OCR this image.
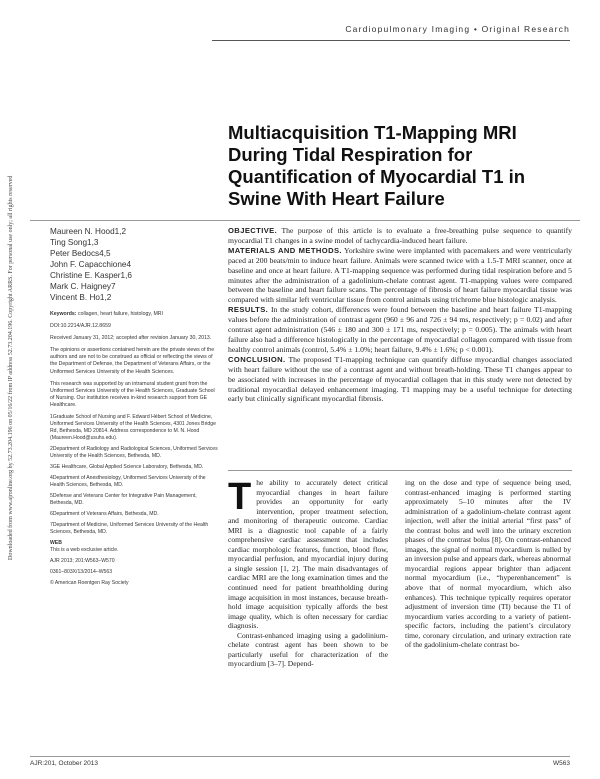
Downloaded from www.ajronline.org by 52.73.204.196 on 05/16/22 from IP address 52.73.204.196. Copyright ARRS. For personal use only; all rights reserved
Cardiopulmonary Imaging • Original Research
Multiacquisition T1-Mapping MRI During Tidal Respiration for Quantification of Myocardial T1 in Swine With Heart Failure
Maureen N. Hood1,2
Ting Song1,3
Peter Bedocs4,5
John F. Capacchione4
Christine E. Kasper1,6
Mark C. Haigney7
Vincent B. Ho1,2

Keywords: collagen, heart failure, histology, MRI

DOI:10.2214/AJR.12.8659

Received January 31, 2012; accepted after revision January 30, 2013.

The opinions or assertions contained herein are the private views of the authors and are not to be construed as official or reflecting the views of the Department of Defense, the Department of Veterans Affairs, or the Uniformed Services University of the Health Sciences.

This research was supported by an intramural student grant from the Uniformed Services University of the Health Sciences, Graduate School of Nursing. Our institution receives in-kind research support from GE Healthcare.

1Graduate School of Nursing and F. Edward Hébert School of Medicine, Uniformed Services University of the Health Sciences, 4301 Jones Bridge Rd, Bethesda, MD 20814. Address correspondence to M. N. Hood (Maureen.Hood@usuhs.edu).

2Department of Radiology and Radiological Sciences, Uniformed Services University of the Health Sciences, Bethesda, MD.

3GE Healthcare, Global Applied Science Laboratory, Bethesda, MD.

4Department of Anesthesiology, Uniformed Services University of the Health Sciences, Bethesda, MD.

5Defense and Veterans Center for Integrative Pain Management, Bethesda, MD.

6Department of Veterans Affairs, Bethesda, MD.

7Department of Medicine, Uniformed Services University of the Health Sciences, Bethesda, MD.

WEB

This is a web exclusive article.

AJR 2013; 201:W563–W570

0361–803X/13/2014–W563

© American Roentgen Ray Society

OBJECTIVE. The purpose of this article is to evaluate a free-breathing pulse sequence to quantify myocardial T1 changes in a swine model of tachycardia-induced heart failure.

MATERIALS AND METHODS. Yorkshire swine were implanted with pacemakers and were ventricularly paced at 200 beats/min to induce heart failure. Animals were scanned twice with a 1.5-T MRI scanner, once at baseline and once at heart failure. A T1-mapping sequence was performed during tidal respiration before and 5 minutes after the administration of a gadolinium-chelate contrast agent. T1-mapping values were compared between the baseline and heart failure scans. The percentage of fibrosis of heart failure myocardial tissue was compared with similar left ventricular tissue from control animals using trichrome blue histologic analysis.

RESULTS. In the study cohort, differences were found between the baseline and heart failure T1-mapping values before the administration of contrast agent (960 ± 96 and 726 ± 94 ms, respectively; p = 0.02) and after contrast agent administration (546 ± 180 and 300 ± 171 ms, respectively; p = 0.005). The animals with heart failure also had a difference histologically in the percentage of myocardial collagen compared with tissue from healthy control animals (control, 5.4% ± 1.0%; heart failure, 9.4% ± 1.6%; p < 0.001).

CONCLUSION. The proposed T1-mapping technique can quantify diffuse myocardial changes associated with heart failure without the use of a contrast agent and without breath-holding. These T1 changes appear to be associated with increases in the percentage of myocardial collagen that in this study were not detected by traditional myocardial delayed enhancement imaging. T1 mapping may be a useful technique for detecting early but clinically significant myocardial fibrosis.

The ability to accurately detect critical myocardial changes in heart failure provides an opportunity for early intervention, proper treatment selection, and monitoring of therapeutic outcome. Cardiac MRI is a diagnostic tool capable of a fairly comprehensive cardiac assessment that includes cardiac morphologic features, function, blood flow, myocardial perfusion, and myocardial injury during a single session [1, 2]. The main disadvantages of cardiac MRI are the long examination times and the continued need for patient breathholding during image acquisition in most instances, because breath-hold image acquisition typically affords the best image quality, which is often necessary for cardiac diagnosis.

Contrast-enhanced imaging using a gadolinium-chelate contrast agent has been shown to be particularly useful for characterization of the myocardium [3–7]. Depend-

ing on the dose and type of sequence being used, contrast-enhanced imaging is performed starting approximately 5–10 minutes after the IV administration of a gadolinium-chelate contrast agent injection, well after the initial arterial “first pass” of the contrast bolus and well into the urinary excretion phases of the contrast bolus [8]. On contrast-enhanced images, the signal of normal myocardium is nulled by an inversion pulse and appears dark, whereas abnormal myocardial regions appear brighter than adjacent normal myocardium (i.e., “hyperenhancement” is above that of normal myocardium, which also enhances). This technique typically requires operator adjustment of inversion time (TI) because the T1 of myocardium varies according to a variety of patient-specific factors, including the patient’s circulatory time, coronary circulation, and urinary extraction rate of the gadolinium-chelate contrast bo-

AJR:201, October 2013	W563
